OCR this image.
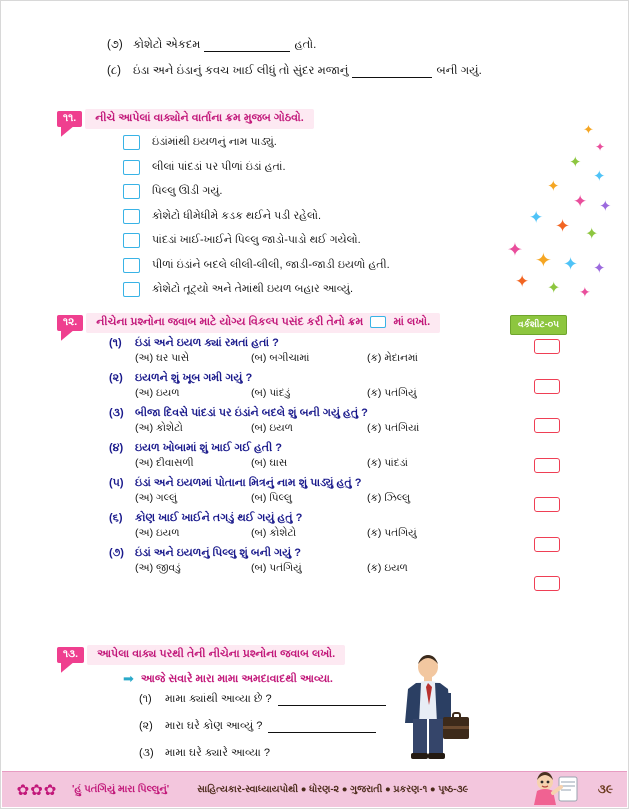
(૭) કોશેટો એકદમ	હતો.
(૮)	ઇંડા અને ઇંડાનું કવચ ખાઈ લીધું તો સુંદર મજાનું	બની ગયું.
૧૧.	નીચે આપેલાં વાક્યોને વાર્તાના ક્રમ મુજબ ગોઠવો.
ઇંડાંમાંથી ઇયળનું નામ પાડ્યું.
લીલાં પાંદડાં પર પીળાં ઇંડાં હતાં.
પિલ્લુ ઊડી ગયું.
કોશેટો ધીમેધીમે કડક થઈને પડી રહેલો.
પાંદડાં ખાઈ-ખાઈને પિલ્લુ જાડો-પાડો થઈ ગયેલો.
પીળાં ઇંડાંને બદલે લીલી-લીલી, જાડી-જાડી ઇયળો હતી.
કોશેટો તૂટ્યો અને તેમાંથી ઇયળ બહાર આવ્યું.
✦
✦
✦
✦
✦
✦ ✦
✦ ✦ ✦
✦ ✦ ✦ ✦
✦ ✦ ✦
૧૨.	નીચેના પ્રશ્નોના જવાબ માટે યોગ્ય વિકલ્પ પસંદ કરી તેનો ક્રમ	માં લખો.	વર્કશીટ-૦૫
(૧)	ઇંડાં અને ઇયળ ક્યાં રમતાં હતાં ?
(અ) ઘર પાસે	(બ) બગીચામાં	(ક) મેદાનમાં
(૨)	ઇયળને શું ખૂબ ગમી ગયું ?
(અ) ઇયળ	(બ) પાંદડું	(ક) પતંગિયું
(૩)	બીજા દિવસે પાંદડાં પર ઇંડાંને બદલે શું બની ગયું હતું ?
(અ) કોશેટો	(બ) ઇયળ	(ક) પતંગિયાં
(૪)	ઇયળ ખોબામાં શું ખાઈ ગઈ હતી ?
(અ) દીવાસળી	(બ) ઘાસ	(ક) પાંદડાં
(૫)	ઇંડાં અને ઇયળમાં પોતાના મિત્રનું નામ શું પાડ્યું હતું ?
(અ) ગલ્લું	(બ) પિલ્લુ	(ક) ઝિલ્લુ
(૬)	કોણ ખાઈ ખાઈને તગડું થઈ ગયું હતું ?
(અ) ઇયળ	(બ) કોશેટો	(ક) પતંગિયું
(૭)	ઇંડાં અને ઇયળનું પિલ્લુ શું બની ગયું ?
(અ) જીવડું	(બ) પતંગિયું	(ક) ઇયળ
૧૩.	આપેલા વાક્ય પરથી તેની નીચેના પ્રશ્નોના જવાબ લખો.
➡ આજે સવારે મારા મામા અમદાવાદથી આવ્યા.
(૧)	મામા ક્યાંથી આવ્યા છે ?
(૨)	મારા ઘરે કોણ આવ્યું ?
(૩)	મામા ઘરે ક્યારે આવ્યા ?
✿✿✿	'હું પતંગિયું મારા પિલ્લુનું'	સાહિત્યકાર-સ્વાધ્યાયપોથી ● ધોરણ-૨ ● ગુજરાતી ● પ્રકરણ-૧ ● પૃષ્ઠ-૩૯	૩૯
